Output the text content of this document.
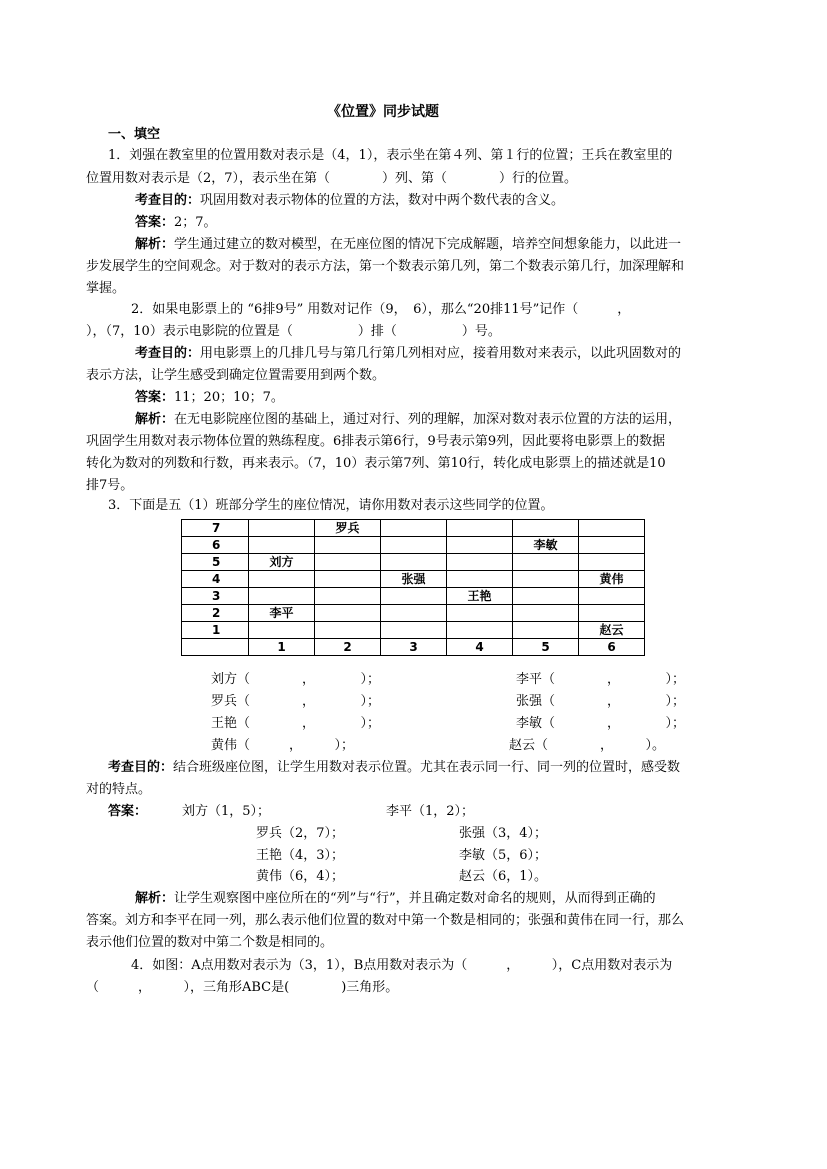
《位置》同步试题
一、填空
1．刘强在教室里的位置用数对表示是（4，1），表示坐在第４列、第１行的位置；王兵在教室里的
位置用数对表示是（2，7），表示坐在第（　　　　）列、第（　　　　）行的位置。
考查目的：巩固用数对表示物体的位置的方法，数对中两个数代表的含义。
答案：2；7。
解析：学生通过建立的数对模型，在无座位图的情况下完成解题，培养空间想象能力，以此进一
步发展学生的空间观念。对于数对的表示方法，第一个数表示第几列，第二个数表示第几行，加深理解和
掌握。
2．如果电影票上的 “6排9号” 用数对记作（9，　6），那么“20排11号”记作（　　　，
），（7，10）表示电影院的位置是（　　　　　）排（　　　　　）号。
考查目的：用电影票上的几排几号与第几行第几列相对应，接着用数对来表示，以此巩固数对的
表示方法，让学生感受到确定位置需要用到两个数。
答案：11；20；10；7。
解析：在无电影院座位图的基础上，通过对行、列的理解，加深对数对表示位置的方法的运用，
巩固学生用数对表示物体位置的熟练程度。6排表示第6行，9号表示第9列，因此要将电影票上的数据
转化为数对的列数和行数，再来表示。（7，10）表示第7列、第10行，转化成电影票上的描述就是10
排7号。
3．下面是五（1）班部分学生的座位情况，请你用数对表示这些同学的位置。
7		罗兵				
6					李敏	
5	刘方					
4			张强			黄伟
3				王艳		
2	李平					
1						赵云
	1	2	3	4	5	6
刘方（　　　　，　　　　）；	李平（　　　　，　　　　）；
罗兵（　　　　，　　　　）；	张强（　　　　，　　　　）；
王艳（　　　　，　　　　）；	李敏（　　　　，　　　　）；
黄伟（　　　，　　　）；	赵云（　　　　，　　　）。
考查目的：结合班级座位图，让学生用数对表示位置。尤其在表示同一行、同一列的位置时，感受数
对的特点。
答案：	刘方（1，5）；	李平（1，2）；
罗兵（2，7）；	张强（3，4）；
王艳（4，3）；	李敏（5，6）；
黄伟（6，4）；	赵云（6，1）。
解析：让学生观察图中座位所在的“列”与“行”，并且确定数对命名的规则，从而得到正确的
答案。刘方和李平在同一列，那么表示他们位置的数对中第一个数是相同的；张强和黄伟在同一行，那么
表示他们位置的数对中第二个数是相同的。
4．如图：A点用数对表示为（3，1），B点用数对表示为（　　　，　　　），C点用数对表示为
（　　　，　　　），三角形ABC是(　　　　)三角形。
